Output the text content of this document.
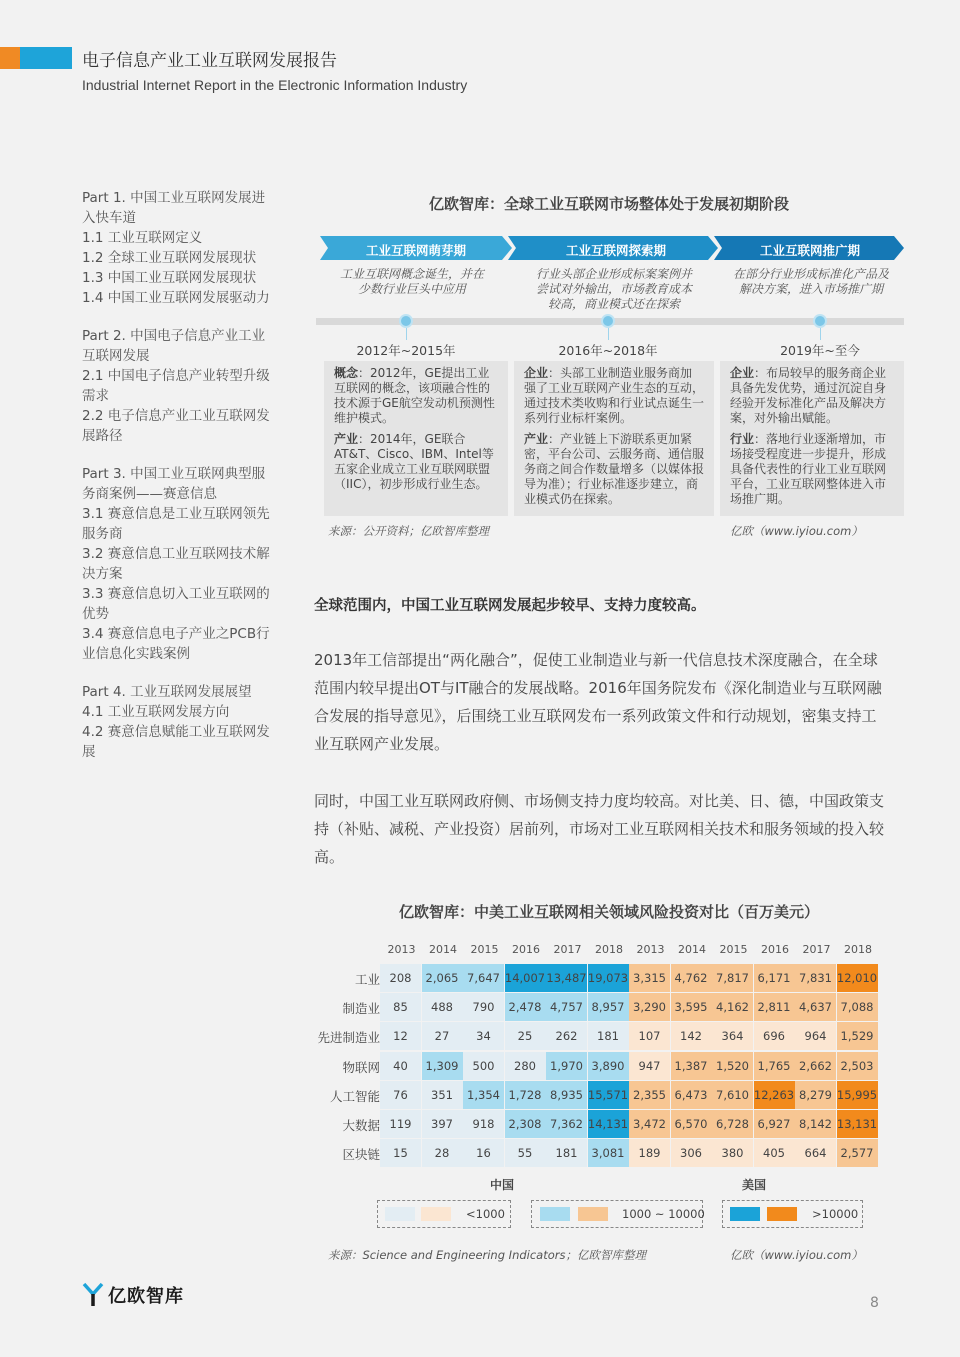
电子信息产业工业互联网发展报告
Industrial Internet Report in the Electronic Information Industry
Part 1. 中国工业互联网发展进
入快车道
1.1 工业互联网定义
1.2 全球工业互联网发展现状
1.3 中国工业互联网发展现状
1.4 中国工业互联网发展驱动力
Part 2. 中国电子信息产业工业
互联网发展
2.1 中国电子信息产业转型升级
需求
2.2 电子信息产业工业互联网发
展路径
Part 3. 中国工业互联网典型服
务商案例——赛意信息
3.1 赛意信息是工业互联网领先
服务商
3.2 赛意信息工业互联网技术解
决方案
3.3 赛意信息切入工业互联网的
优势
3.4 赛意信息电子产业之PCB行
业信息化实践案例
Part 4. 工业互联网发展展望
4.1 工业互联网发展方向
4.2 赛意信息赋能工业互联网发
展
亿欧智库：全球工业互联网市场整体处于发展初期阶段
工业互联网萌芽期	工业互联网探索期	工业互联网推广期
工业互联网概念诞生，并在
少数行业巨头中应用
行业头部企业形成标案案例并
尝试对外输出，市场教育成本
较高，商业模式还在探索
在部分行业形成标准化产品及
解决方案，进入市场推广期
2012年~2015年	2016年~2018年	2019年~至今

概念：2012年，GE提出工业互联网的概念，该项融合性的技术源于GE航空发动机预测性维护模式。

产业：2014年，GE联合AT&T、Cisco、IBM、Intel等五家企业成立工业互联网联盟（IIC），初步形成行业生态。

企业：头部工业制造业服务商加强了工业互联网产业生态的互动，通过技术类收购和行业试点诞生一系列行业标杆案例。

产业：产业链上下游联系更加紧密，平台公司、云服务商、通信服务商之间合作数量增多（以媒体报导为准）；行业标准逐步建立，商业模式仍在探索。

企业：布局较早的服务商企业具备先发优势，通过沉淀自身经验开发标准化产品及解决方案，对外输出赋能。

行业：落地行业逐渐增加，市场接受程度进一步提升，形成具备代表性的行业工业互联网平台，工业互联网整体进入市场推广期。

来源：公开资料；亿欧智库整理	亿欧（www.iyiou.com）
全球范围内，中国工业互联网发展起步较早、支持力度较高。
2013年工信部提出“两化融合”，促使工业制造业与新一代信息技术深度融合，在全球范围内较早提出OT与IT融合的发展战略。2016年国务院发布《深化制造业与互联网融合发展的指导意见》，后围绕工业互联网发布一系列政策文件和行动规划，密集支持工业互联网产业发展。
同时，中国工业互联网政府侧、市场侧支持力度均较高。对比美、日、德，中国政策支持（补贴、减税、产业投资）居前列，市场对工业互联网相关技术和服务领域的投入较高。
亿欧智库：中美工业互联网相关领域风险投资对比（百万美元）
2013	2014	2015	2016	2017	2018	2013	2014	2015	2016	2017	2018
工业 208	2,065 7,647 14,007 13,487 19,073 3,315 4,762 7,817 6,171 7,831 12,010
制造业	85	488	790	2,478 4,757 8,957 3,290 3,595 4,162 2,811 4,637 7,088
先进制造业	12	27	34	25	262	181	107	142	364	696	964	1,529
物联网	40	1,309	500	280	1,970 3,890	947	1,387 1,520 1,765 2,662 2,503
人工智能	76	351	1,354 1,728 8,935 15,571 2,355 6,473 7,610 12,263 8,279 15,995
大数据 119	397	918	2,308 7,362 14,131 3,472 6,570 6,728 6,927 8,142 13,131
区块链	15	28	16	55	181	3,081	189	306	380	405	664	2,577
中国	美国
<1000	1000 ~ 10000	>10000
来源：Science and Engineering Indicators；亿欧智库整理	亿欧（www.iyiou.com）
亿欧智库	8
